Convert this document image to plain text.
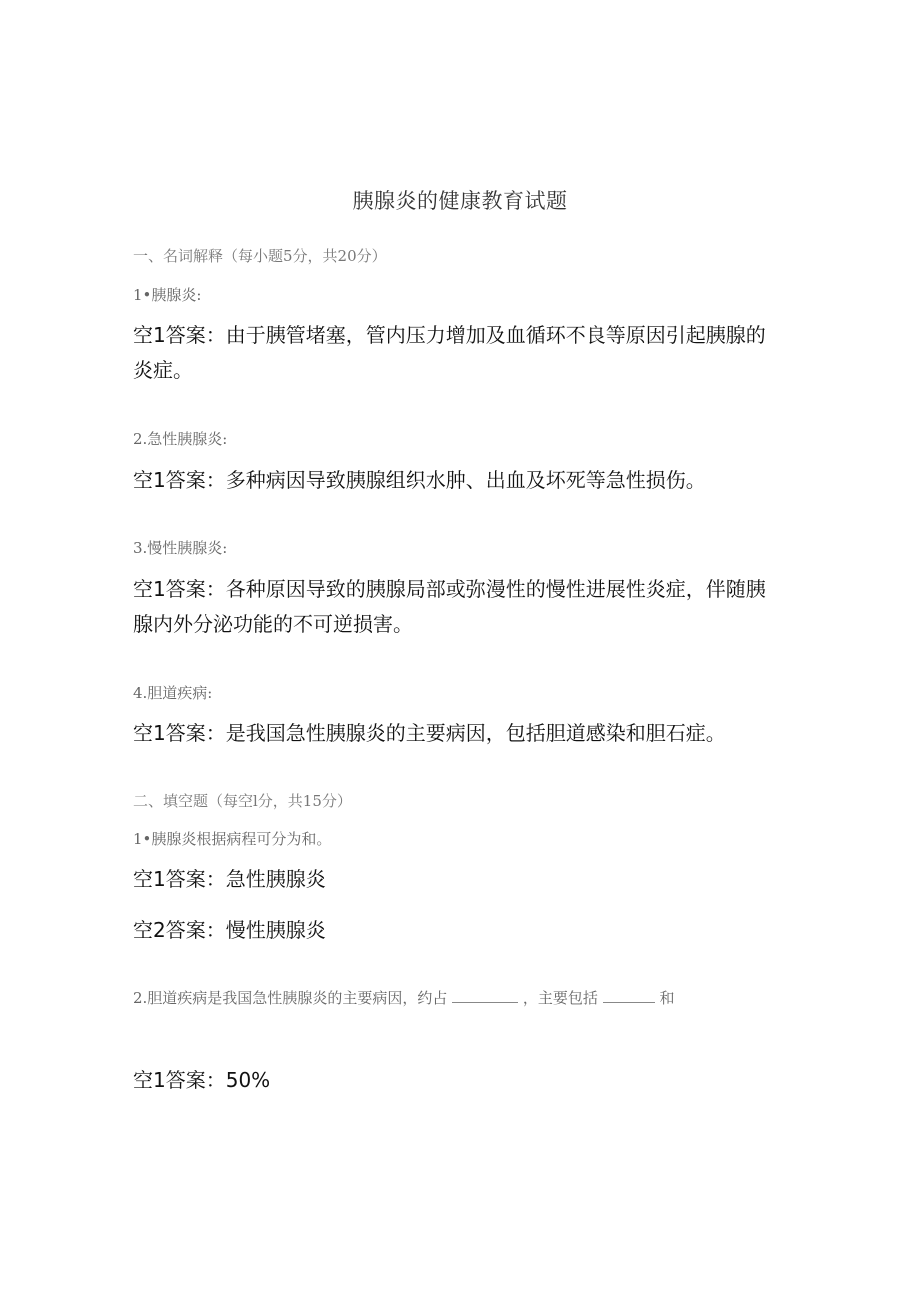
胰腺炎的健康教育试题
一、名词解释（每小题5分，共20分）
1•胰腺炎:
空1答案：由于胰管堵塞，管内压力增加及血循环不良等原因引起胰腺的炎症。
2.急性胰腺炎:
空1答案：多种病因导致胰腺组织水肿、出血及坏死等急性损伤。
3.慢性胰腺炎:
空1答案：各种原因导致的胰腺局部或弥漫性的慢性进展性炎症，伴随胰腺内外分泌功能的不可逆损害。
4.胆道疾病:
空1答案：是我国急性胰腺炎的主要病因，包括胆道感染和胆石症。
二、填空题（每空l分，共15分）
1•胰腺炎根据病程可分为和。
空1答案：急性胰腺炎
空2答案：慢性胰腺炎
2.胆道疾病是我国急性胰腺炎的主要病因，约占	，主要包括	和
空1答案：50%
